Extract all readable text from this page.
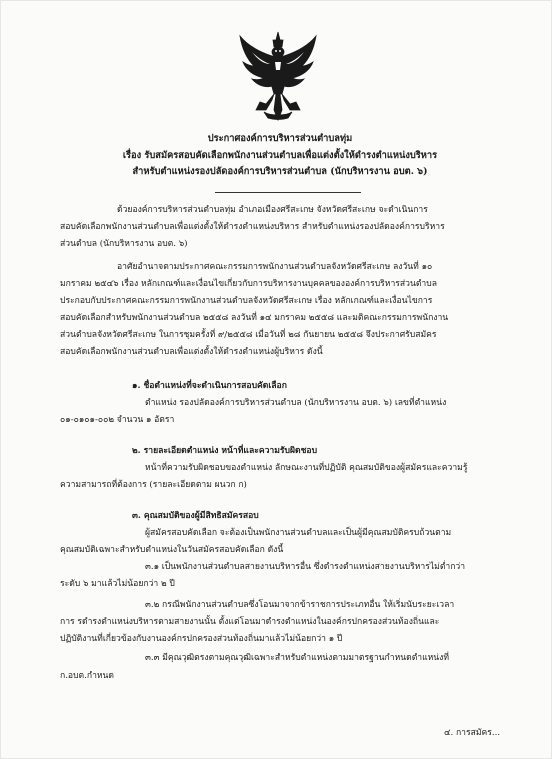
ประกาศองค์การบริหารส่วนตำบลทุ่ม
เรื่อง รับสมัครสอบคัดเลือกพนักงานส่วนตำบลเพื่อแต่งตั้งให้ดำรงตำแหน่งบริหาร
สำหรับตำแหน่งรองปลัดองค์การบริหารส่วนตำบล (นักบริหารงาน อบต. ๖)
ด้วยองค์การบริหารส่วนตำบลทุ่ม อำเภอเมืองศรีสะเกษ จังหวัดศรีสะเกษ จะดำเนินการ
สอบคัดเลือกพนักงานส่วนตำบลเพื่อแต่งตั้งให้ดำรงตำแหน่งบริหาร สำหรับตำแหน่งรองปลัดองค์การบริหาร
ส่วนตำบล (นักบริหารงาน อบต. ๖)
อาศัยอำนาจตามประกาศคณะกรรมการพนักงานส่วนตำบลจังหวัดศรีสะเกษ ลงวันที่ ๑๐
มกราคม ๒๕๔๖ เรื่อง หลักเกณฑ์และเงื่อนไขเกี่ยวกับการบริหารงานบุคคลขององค์การบริหารส่วนตำบล
ประกอบกับประกาศคณะกรรมการพนักงานส่วนตำบลจังหวัดศรีสะเกษ เรื่อง หลักเกณฑ์และเงื่อนไขการ
สอบคัดเลือกสำหรับพนักงานส่วนตำบล ๒๕๕๘ ลงวันที่ ๑๔ มกราคม ๒๕๕๘ และมติคณะกรรมการพนักงาน
ส่วนตำบลจังหวัดศรีสะเกษ ในการชุมครั้งที่ ๙/๒๕๕๘ เมื่อวันที่ ๒๘ กันยายน ๒๕๕๘ จึงประกาศรับสมัคร
สอบคัดเลือกพนักงานส่วนตำบลเพื่อแต่งตั้งให้ดำรงตำแหน่งผู้บริหาร ดังนี้
๑. ชื่อตำแหน่งที่จะดำเนินการสอบคัดเลือก
ตำแหน่ง รองปลัดองค์การบริหารส่วนตำบล (นักบริหารงาน อบต. ๖) เลขที่ตำแหน่ง
๐๑-๐๑๐๑-๐๐๒ จำนวน ๑ อัตรา
๒. รายละเอียดตำแหน่ง หน้าที่และความรับผิดชอบ
หน้าที่ความรับผิดชอบของตำแหน่ง ลักษณะงานที่ปฏิบัติ คุณสมบัติของผู้สมัครและความรู้
ความสามารถที่ต้องการ (รายละเอียดตาม ผนวก ก)
๓. คุณสมบัติของผู้มีสิทธิสมัครสอบ
ผู้สมัครสอบคัดเลือก จะต้องเป็นพนักงานส่วนตำบลและเป็นผู้มีคุณสมบัติครบถ้วนตาม
คุณสมบัติเฉพาะสำหรับตำแหน่งในวันสมัครสอบคัดเลือก ดังนี้
๓.๑ เป็นพนักงานส่วนตำบลสายงานบริหารอื่น ซึ่งดำรงตำแหน่งสายงานบริหารไม่ต่ำกว่า
ระดับ ๖ มาแล้วไม่น้อยกว่า ๒ ปี
๓.๒ กรณีพนักงานส่วนตำบลซึ่งโอนมาจากข้าราชการประเภทอื่น ให้เริ่มนับระยะเวลา
การ รดำรงตำแหน่งบริหารตามสายงานนั้น ตั้งแต่โอนมาดำรงตำแหน่งในองค์กรปกครองส่วนท้องถิ่นและ
ปฏิบัติงานที่เกี่ยวข้องกับงานองค์กรปกครองส่วนท้องถิ่นมาแล้วไม่น้อยกว่า ๑ ปี
๓.๓ มีคุณวุฒิตรงตามคุณวุฒิเฉพาะสำหรับตำแหน่งตามมาตรฐานกำหนดตำแหน่งที่
ก.อบต.กำหนด
๔. การสมัคร...
